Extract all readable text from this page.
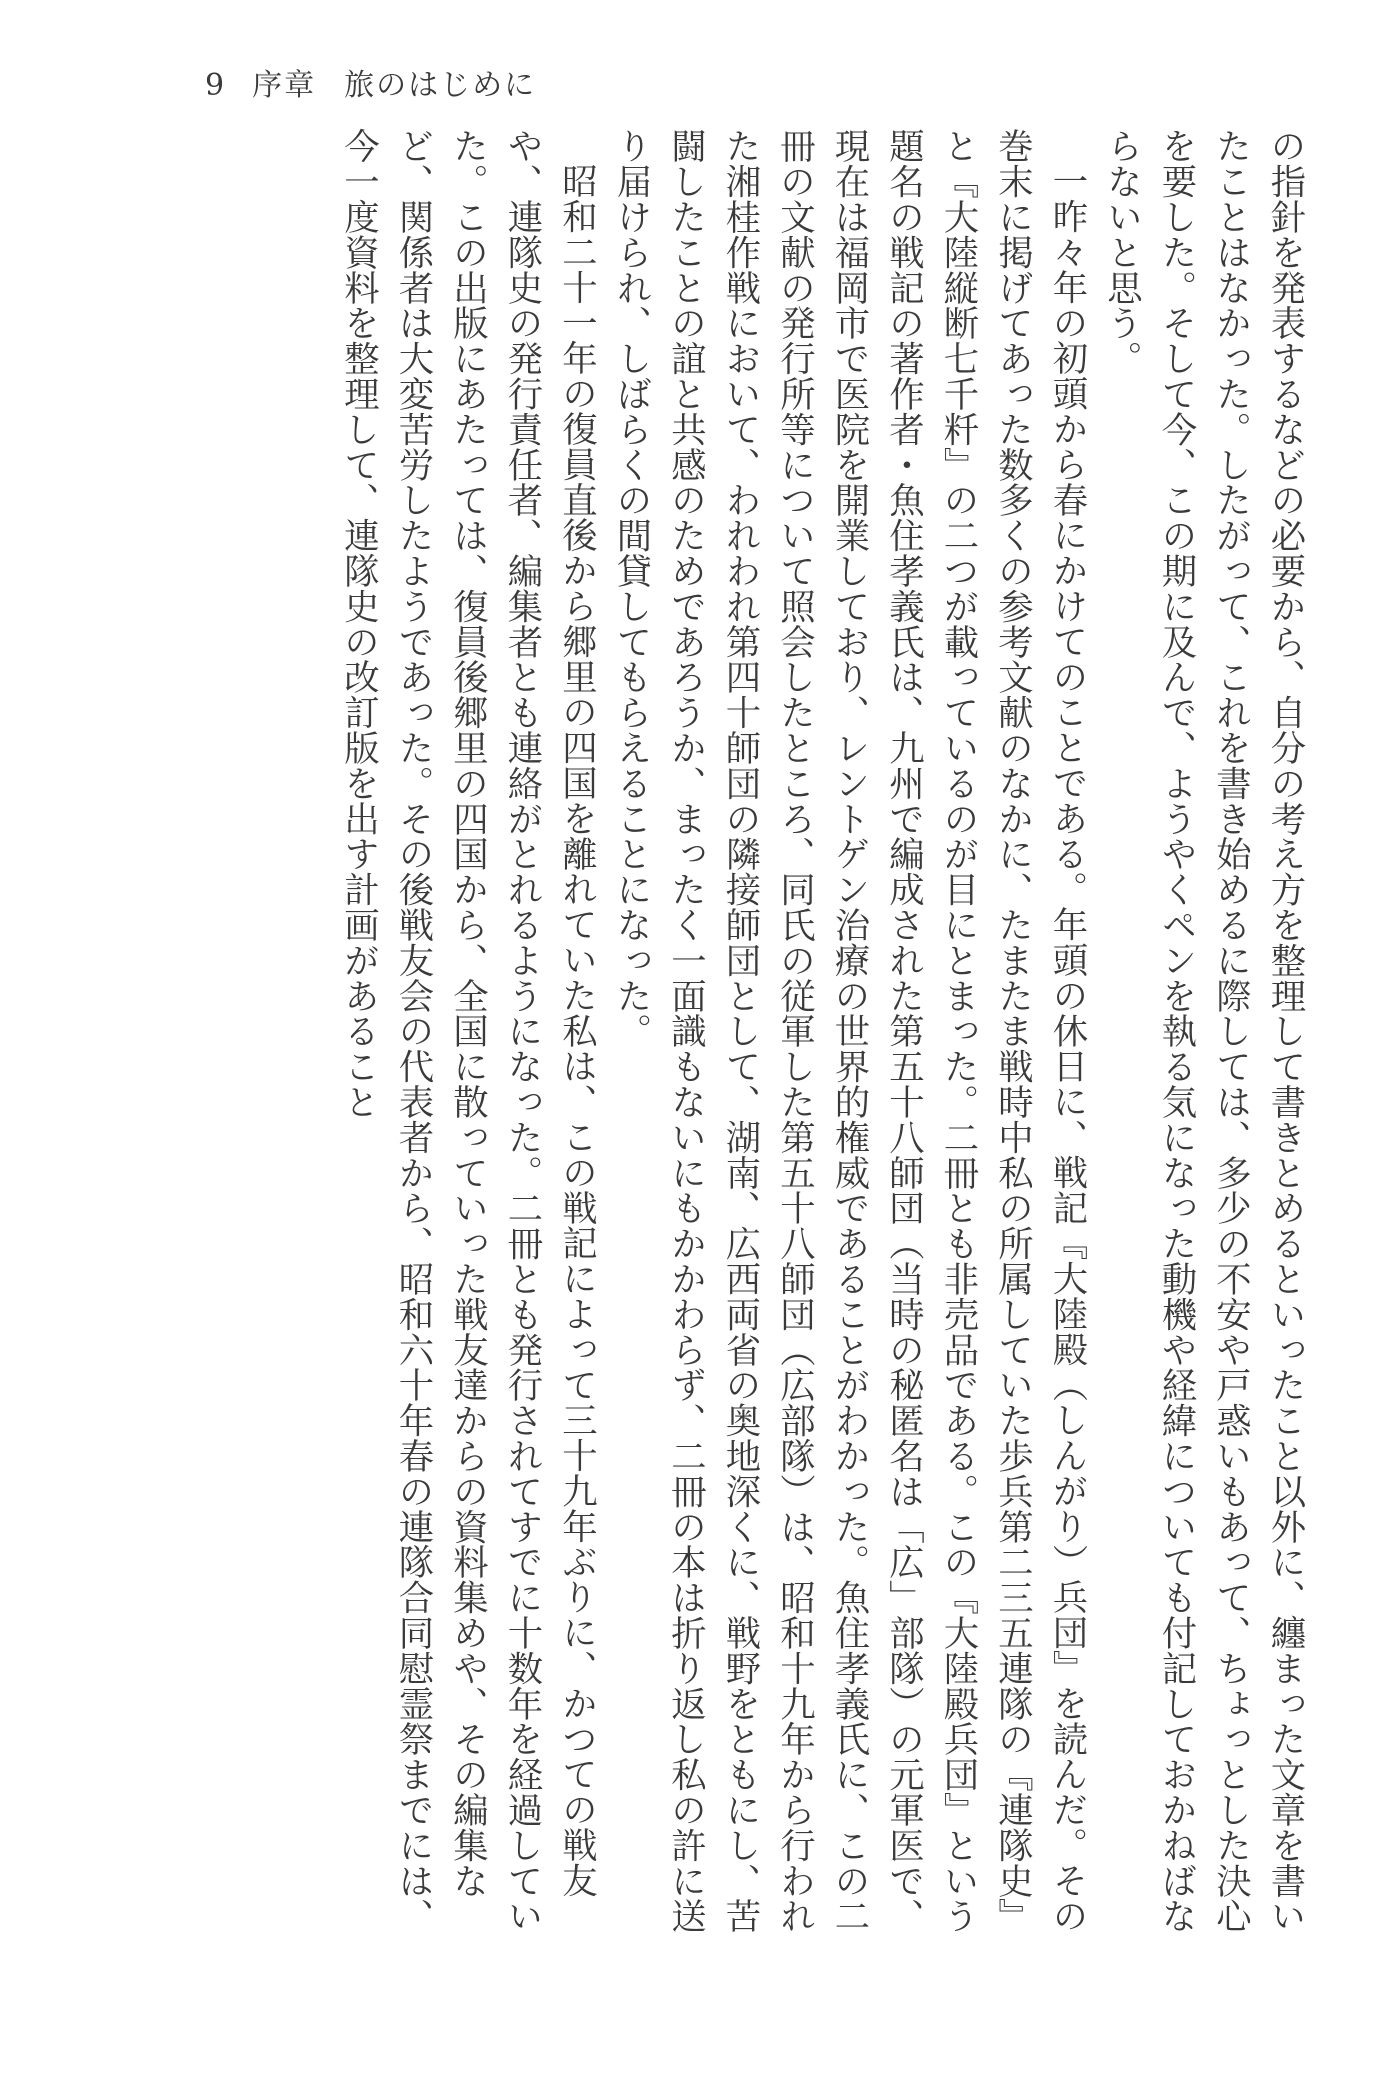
9 序章 旅のはじめに

の指針を発表するなどの必要から、自分の考え方を整理して書きとめるといったこと以外に、纏まった文章を書いたことはなかった。したがって、これを書き始めるに際しては、多少の不安や戸惑いもあって、ちょっとした決心を要した。そして今、この期に及んで、ようやくペンを執る気になった動機や経緯についても付記しておかねばならないと思う。

一昨々年の初頭から春にかけてのことである。年頭の休日に、戦記『大陸殿（しんがり）兵団』を読んだ。その巻末に掲げてあった数多くの参考文献のなかに、たまたま戦時中私の所属していた歩兵第二三五連隊の『連隊史』と『大陸縦断七千粁』の二つが載っているのが目にとまった。二冊とも非売品である。この『大陸殿兵団』という題名の戦記の著作者・魚住孝義氏は、九州で編成された第五十八師団（当時の秘匿名は「広」部隊）の元軍医で、現在は福岡市で医院を開業しており、レントゲン治療の世界的権威であることがわかった。魚住孝義氏に、この二冊の文献の発行所等について照会したところ、同氏の従軍した第五十八師団（広部隊）は、昭和十九年から行われた湘桂作戦において、われわれ第四十師団の隣接師団として、湖南、広西両省の奥地深くに、戦野をともにし、苦闘したことの誼と共感のためであろうか、まったく一面識もないにもかかわらず、二冊の本は折り返し私の許に送り届けられ、しばらくの間貸してもらえることになった。

昭和二十一年の復員直後から郷里の四国を離れていた私は、この戦記によって三十九年ぶりに、かつての戦友や、連隊史の発行責任者、編集者とも連絡がとれるようになった。二冊とも発行されてすでに十数年を経過していた。この出版にあたっては、復員後郷里の四国から、全国に散っていった戦友達からの資料集めや、その編集など、関係者は大変苦労したようであった。その後戦友会の代表者から、昭和六十年春の連隊合同慰霊祭までには、今一度資料を整理して、連隊史の改訂版を出す計画があること
